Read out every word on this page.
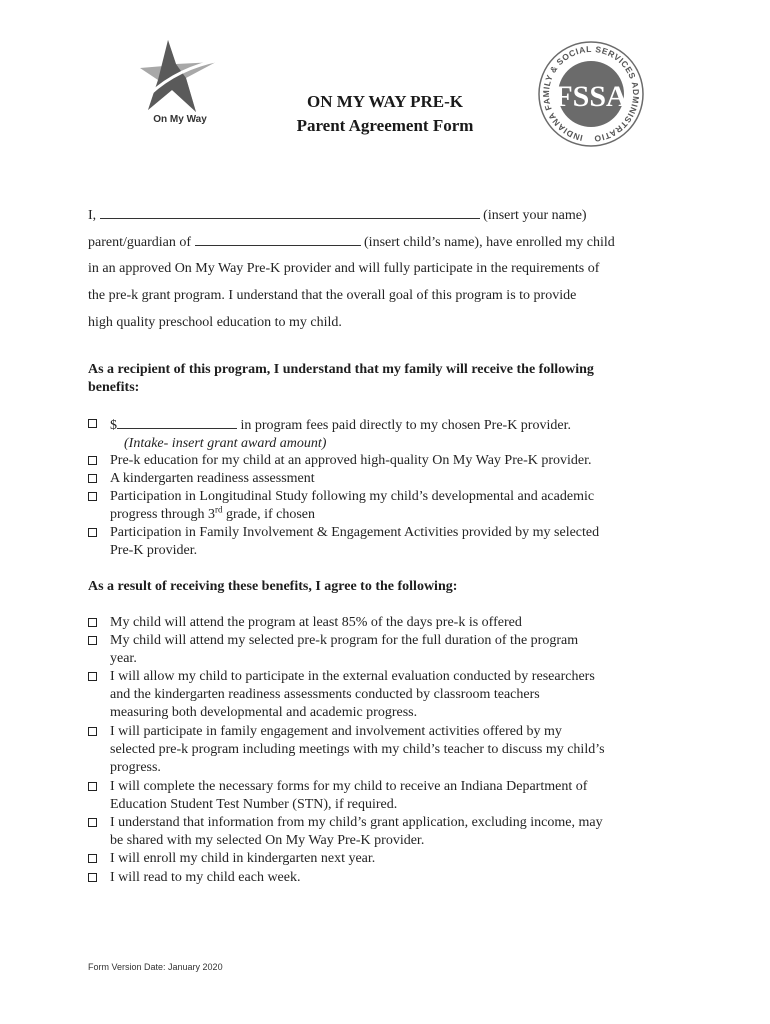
On My Way
ON MY WAY PRE-K
Parent Agreement Form
INDIANA FAMILY & SOCIAL SERVICES ADMINISTRATIO
FSSA
I,	(insert your name)
parent/guardian of	(insert child’s name), have enrolled my child
in an approved On My Way Pre-K provider and will fully participate in the requirements of
the pre-k grant program. I understand that the overall goal of this program is to provide
high quality preschool education to my child.
As a recipient of this program, I understand that my family will receive the following
benefits:
$	in program fees paid directly to my chosen Pre-K provider.
(Intake- insert grant award amount)
Pre-k education for my child at an approved high-quality On My Way Pre-K provider.
A kindergarten readiness assessment
Participation in Longitudinal Study following my child’s developmental and academic
progress through 3rd grade, if chosen
Participation in Family Involvement & Engagement Activities provided by my selected
Pre-K provider.
As a result of receiving these benefits, I agree to the following:
My child will attend the program at least 85% of the days pre-k is offered
My child will attend my selected pre-k program for the full duration of the program
year.
I will allow my child to participate in the external evaluation conducted by researchers
and the kindergarten readiness assessments conducted by classroom teachers
measuring both developmental and academic progress.
I will participate in family engagement and involvement activities offered by my
selected pre-k program including meetings with my child’s teacher to discuss my child’s
progress.
I will complete the necessary forms for my child to receive an Indiana Department of
Education Student Test Number (STN), if required.
I understand that information from my child’s grant application, excluding income, may
be shared with my selected On My Way Pre-K provider.
I will enroll my child in kindergarten next year.
I will read to my child each week.
Form Version Date: January 2020
